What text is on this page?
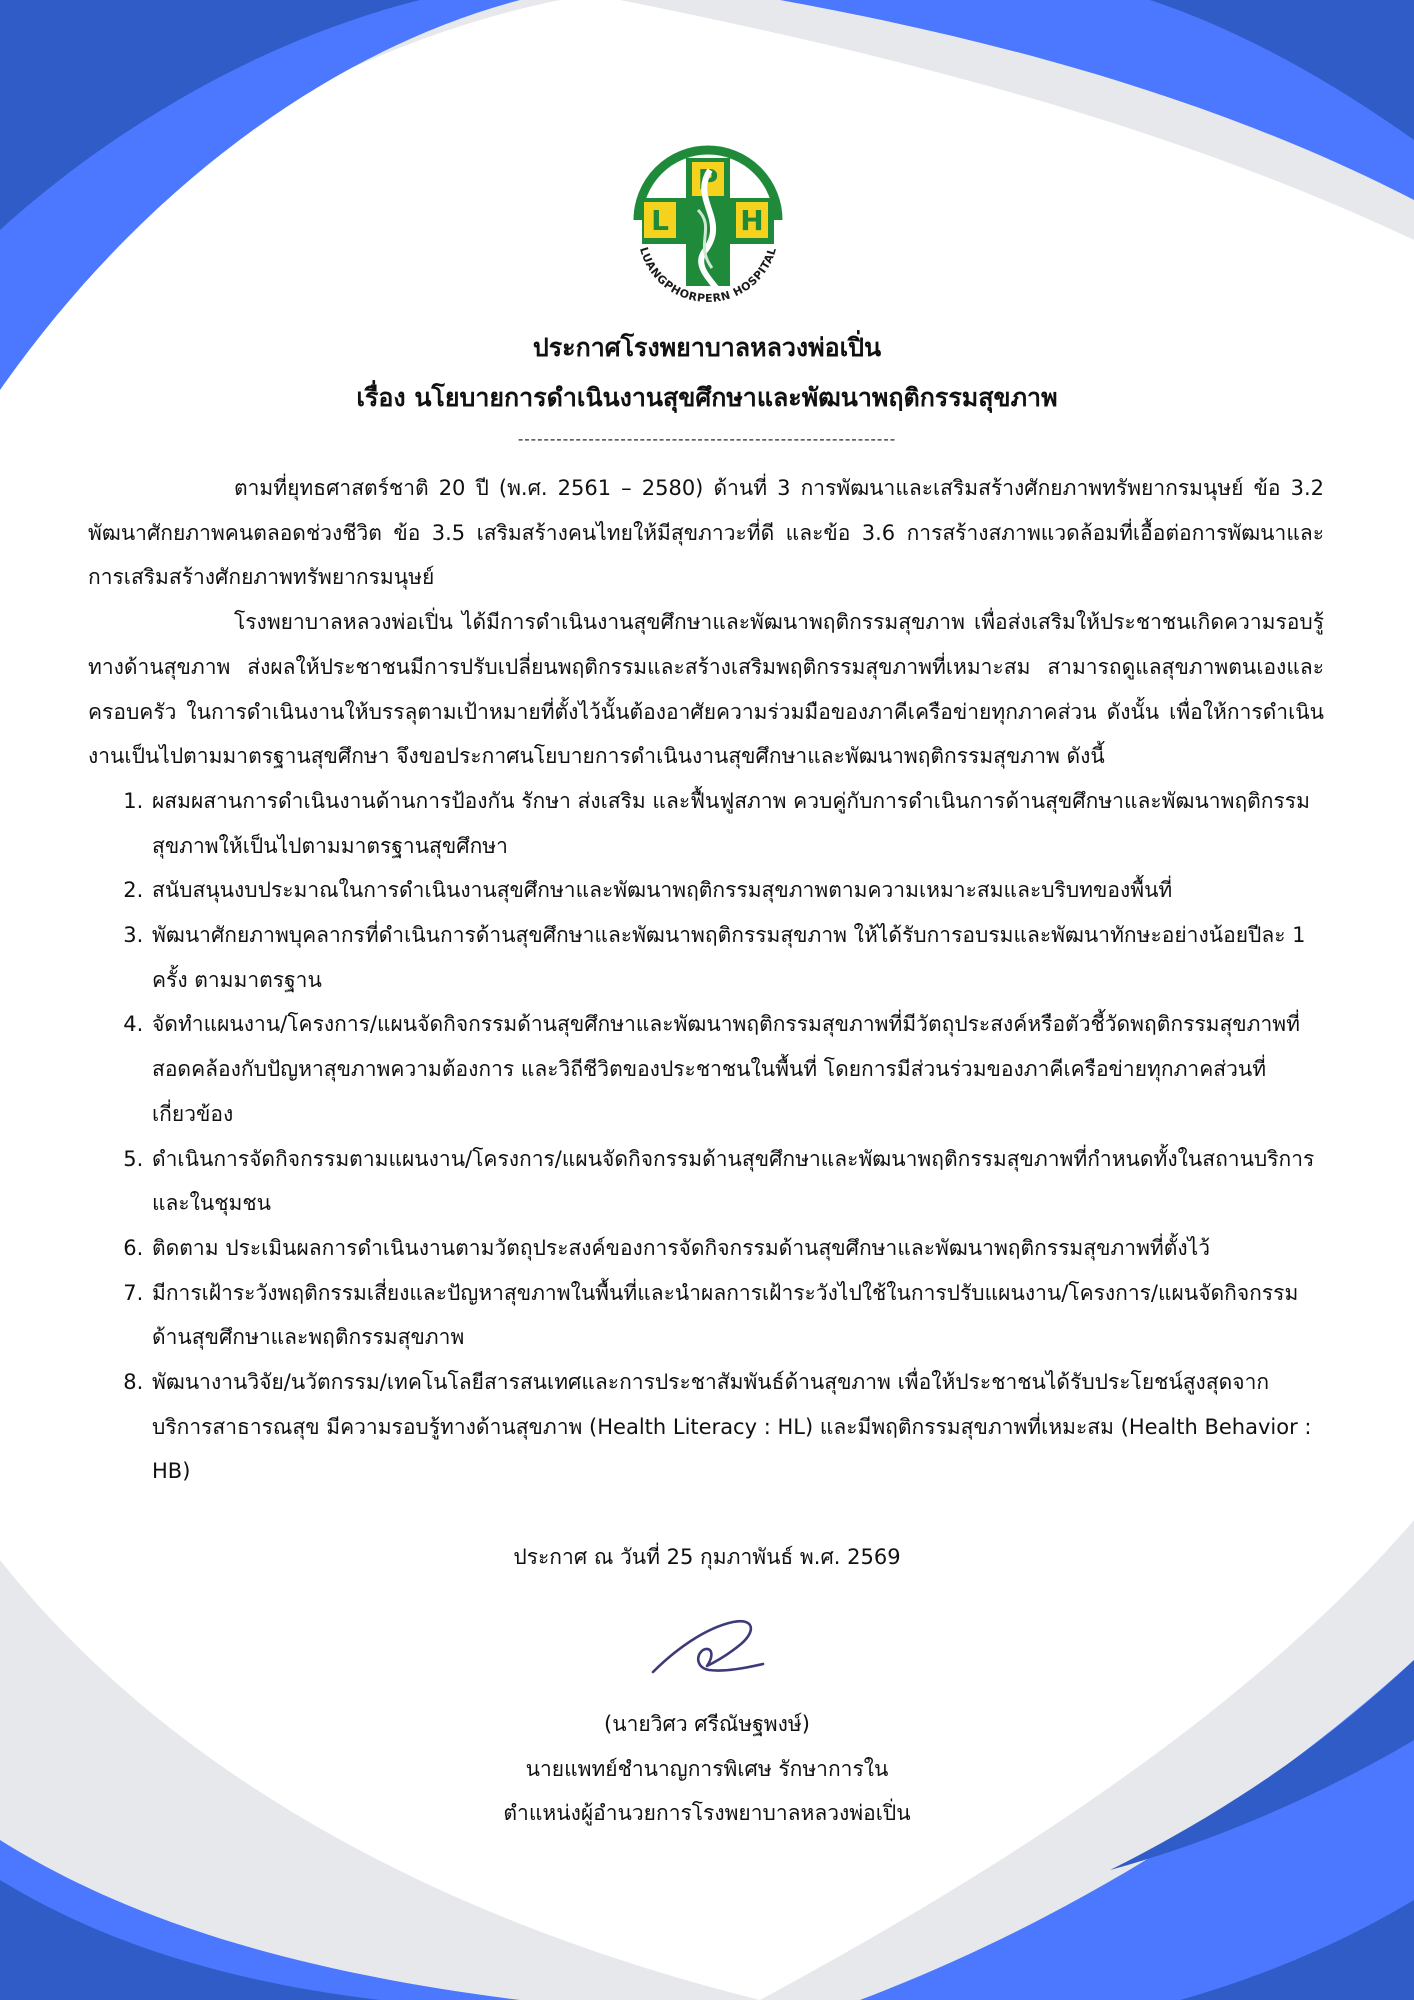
L
P
H
LUANGPHORPERN HOSPITAL
ประกาศโรงพยาบาลหลวงพ่อเปิ่น
เรื่อง นโยบายการดำเนินงานสุขศึกษาและพัฒนาพฤติกรรมสุขภาพ
-----------------------------------------------------------

ตามที่ยุทธศาสตร์ชาติ 20 ปี (พ.ศ. 2561 – 2580) ด้านที่ 3 การพัฒนาและเสริมสร้างศักยภาพทรัพยากรมนุษย์ ข้อ 3.2 พัฒนาศักยภาพคนตลอดช่วงชีวิต ข้อ 3.5 เสริมสร้างคนไทยให้มีสุขภาวะที่ดี และข้อ 3.6 การสร้างสภาพแวดล้อมที่เอื้อต่อการพัฒนาและการเสริมสร้างศักยภาพทรัพยากรมนุษย์

โรงพยาบาลหลวงพ่อเปิ่น ได้มีการดำเนินงานสุขศึกษาและพัฒนาพฤติกรรมสุขภาพ เพื่อส่งเสริมให้ประชาชนเกิดความรอบรู้ทางด้านสุขภาพ ส่งผลให้ประชาชนมีการปรับเปลี่ยนพฤติกรรมและสร้างเสริมพฤติกรรมสุขภาพที่เหมาะสม สามารถดูแลสุขภาพตนเองและครอบครัว ในการดำเนินงานให้บรรลุตามเป้าหมายที่ตั้งไว้นั้นต้องอาศัยความร่วมมือของภาคีเครือข่ายทุกภาคส่วน ดังนั้น เพื่อให้การดำเนินงานเป็นไปตามมาตรฐานสุขศึกษา จึงขอประกาศนโยบายการดำเนินงานสุขศึกษาและพัฒนาพฤติกรรมสุขภาพ ดังนี้

1. ผสมผสานการดำเนินงานด้านการป้องกัน รักษา ส่งเสริม และฟื้นฟูสภาพ ควบคู่กับการดำเนินการด้านสุขศึกษาและพัฒนาพฤติกรรมสุขภาพให้เป็นไปตามมาตรฐานสุขศึกษา
2. สนับสนุนงบประมาณในการดำเนินงานสุขศึกษาและพัฒนาพฤติกรรมสุขภาพตามความเหมาะสมและบริบทของพื้นที่
3. พัฒนาศักยภาพบุคลากรที่ดำเนินการด้านสุขศึกษาและพัฒนาพฤติกรรมสุขภาพ ให้ได้รับการอบรมและพัฒนาทักษะอย่างน้อยปีละ 1 ครั้ง ตามมาตรฐาน
4. จัดทำแผนงาน/โครงการ/แผนจัดกิจกรรมด้านสุขศึกษาและพัฒนาพฤติกรรมสุขภาพที่มีวัตถุประสงค์หรือตัวชี้วัดพฤติกรรมสุขภาพที่สอดคล้องกับปัญหาสุขภาพความต้องการ และวิถีชีวิตของประชาชนในพื้นที่ โดยการมีส่วนร่วมของภาคีเครือข่ายทุกภาคส่วนที่เกี่ยวข้อง
5. ดำเนินการจัดกิจกรรมตามแผนงาน/โครงการ/แผนจัดกิจกรรมด้านสุขศึกษาและพัฒนาพฤติกรรมสุขภาพที่กำหนดทั้งในสถานบริการและในชุมชน
6. ติดตาม ประเมินผลการดำเนินงานตามวัตถุประสงค์ของการจัดกิจกรรมด้านสุขศึกษาและพัฒนาพฤติกรรมสุขภาพที่ตั้งไว้
7. มีการเฝ้าระวังพฤติกรรมเสี่ยงและปัญหาสุขภาพในพื้นที่และนำผลการเฝ้าระวังไปใช้ในการปรับแผนงาน/โครงการ/แผนจัดกิจกรรมด้านสุขศึกษาและพฤติกรรมสุขภาพ
8. พัฒนางานวิจัย/นวัตกรรม/เทคโนโลยีสารสนเทศและการประชาสัมพันธ์ด้านสุขภาพ เพื่อให้ประชาชนได้รับประโยชน์สูงสุดจากบริการสาธารณสุข มีความรอบรู้ทางด้านสุขภาพ (Health Literacy : HL) และมีพฤติกรรมสุขภาพที่เหมะสม (Health Behavior : HB)
ประกาศ ณ วันที่ 25 กุมภาพันธ์ พ.ศ. 2569
(นายวิศว ศรีณัษฐพงษ์)
นายแพทย์ชำนาญการพิเศษ รักษาการใน
ตำแหน่งผู้อำนวยการโรงพยาบาลหลวงพ่อเปิ่น
